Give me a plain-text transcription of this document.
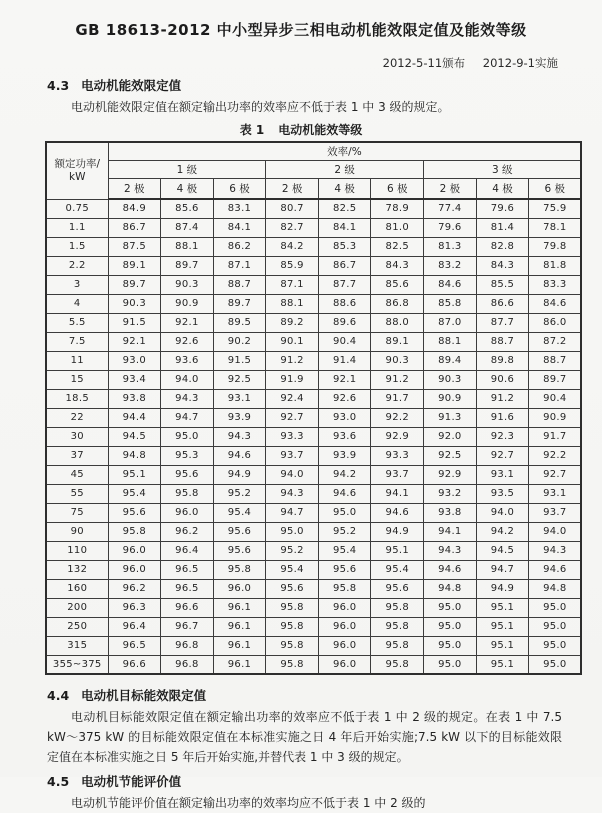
GB 18613-2012 中小型异步三相电动机能效限定值及能效等级
2012-5-11颁布 2012-9-1实施
4.3 电动机能效限定值

电动机能效限定值在额定输出功率的效率应不低于表 1 中 3 级的规定。

表 1 电动机能效等级
额定功率/
kW	效率/%								
	1 级			2 级			3 级		
	2 极	4 极	6 极	2 极	4 极	6 极	2 极	4 极	6 极
0.75	84.9	85.6	83.1	80.7	82.5	78.9	77.4	79.6	75.9
1.1	86.7	87.4	84.1	82.7	84.1	81.0	79.6	81.4	78.1
1.5	87.5	88.1	86.2	84.2	85.3	82.5	81.3	82.8	79.8
2.2	89.1	89.7	87.1	85.9	86.7	84.3	83.2	84.3	81.8
3	89.7	90.3	88.7	87.1	87.7	85.6	84.6	85.5	83.3
4	90.3	90.9	89.7	88.1	88.6	86.8	85.8	86.6	84.6
5.5	91.5	92.1	89.5	89.2	89.6	88.0	87.0	87.7	86.0
7.5	92.1	92.6	90.2	90.1	90.4	89.1	88.1	88.7	87.2
11	93.0	93.6	91.5	91.2	91.4	90.3	89.4	89.8	88.7
15	93.4	94.0	92.5	91.9	92.1	91.2	90.3	90.6	89.7
18.5	93.8	94.3	93.1	92.4	92.6	91.7	90.9	91.2	90.4
22	94.4	94.7	93.9	92.7	93.0	92.2	91.3	91.6	90.9
30	94.5	95.0	94.3	93.3	93.6	92.9	92.0	92.3	91.7
37	94.8	95.3	94.6	93.7	93.9	93.3	92.5	92.7	92.2
45	95.1	95.6	94.9	94.0	94.2	93.7	92.9	93.1	92.7
55	95.4	95.8	95.2	94.3	94.6	94.1	93.2	93.5	93.1
75	95.6	96.0	95.4	94.7	95.0	94.6	93.8	94.0	93.7
90	95.8	96.2	95.6	95.0	95.2	94.9	94.1	94.2	94.0
110	96.0	96.4	95.6	95.2	95.4	95.1	94.3	94.5	94.3
132	96.0	96.5	95.8	95.4	95.6	95.4	94.6	94.7	94.6
160	96.2	96.5	96.0	95.6	95.8	95.6	94.8	94.9	94.8
200	96.3	96.6	96.1	95.8	96.0	95.8	95.0	95.1	95.0
250	96.4	96.7	96.1	95.8	96.0	95.8	95.0	95.1	95.0
315	96.5	96.8	96.1	95.8	96.0	95.8	95.0	95.1	95.0
355~375	96.6	96.8	96.1	95.8	96.0	95.8	95.0	95.1	95.0
4.4 电动机目标能效限定值

电动机目标能效限定值在额定输出功率的效率应不低于表 1 中 2 级的规定。在表 1 中 7.5 kW～375 kW 的目标能效限定值在本标准实施之日 4 年后开始实施;7.5 kW 以下的目标能效限定值在本标准实施之日 5 年后开始实施,并替代表 1 中 3 级的规定。

4.5 电动机节能评价值

电动机节能评价值在额定输出功率的效率均应不低于表 1 中 2 级的
